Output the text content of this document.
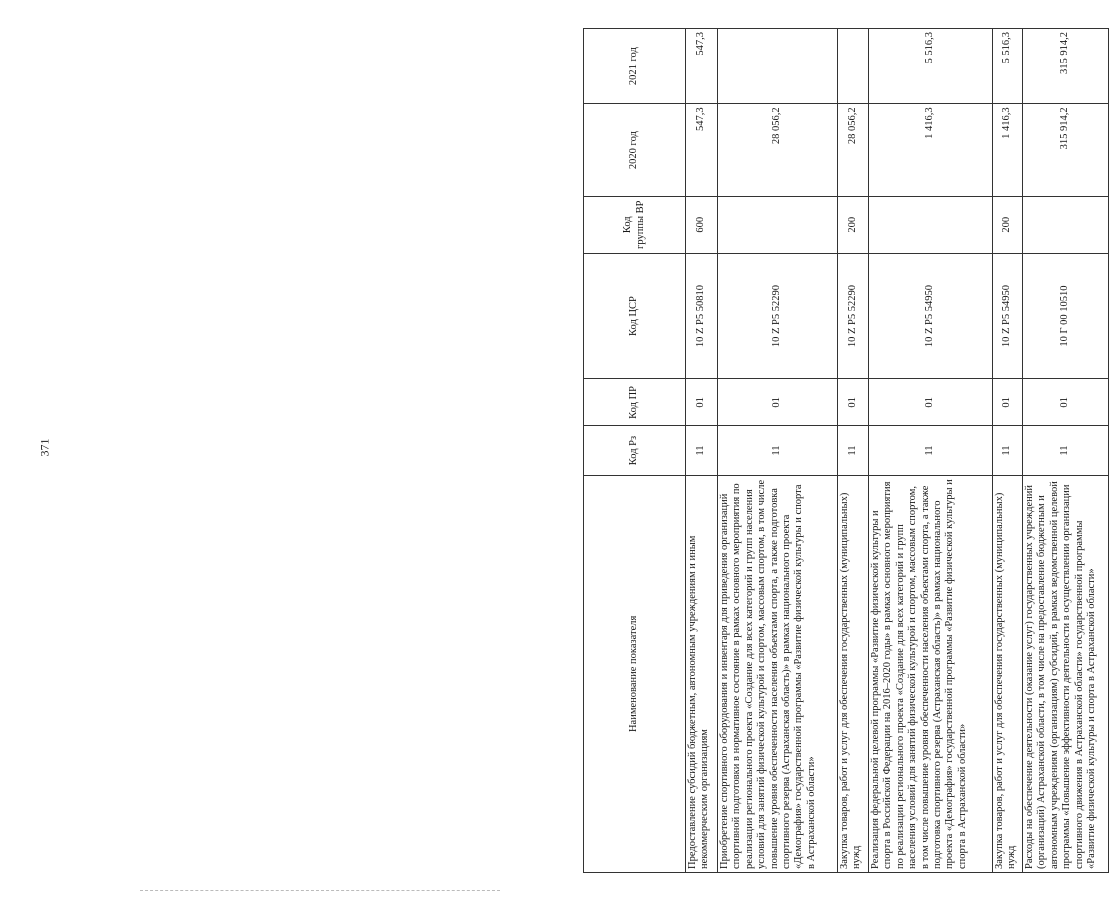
371
Наименование показателя	Код Рз	Код ПР	Код ЦСР	Код группы ВР	2020 год	2021 год
Предоставление субсидий бюджетным, автономным учреждениям и иным некоммерческим организациям	11	01	10 Z P5 50810	600	547,3	547,3
Приобретение спортивного оборудования и инвентаря для приведения организаций спортивной подготовки в нормативное состояние в рамках основного мероприятия по реализации регионального проекта «Создание для всех категорий и групп населения условий для занятий физической культурой и спортом, массовым спортом, в том числе повышение уровня обеспеченности населения объектами спорта, а также подготовка спортивного резерва (Астраханская область)» в рамках национального проекта «Демография» государственной программы «Развитие физической культуры и спорта в Астраханской области»	11	01	10 Z P5 52290		28 056,2	
Закупка товаров, работ и услуг для обеспечения государственных (муниципальных) нужд	11	01	10 Z P5 52290	200	28 056,2	
Реализация федеральной целевой программы «Развитие физической культуры и спорта в Российской Федерации на 2016–2020 годы» в рамках основного мероприятия по реализации регионального проекта «Создание для всех категорий и групп населения условий для занятий физической культурой и спортом, массовым спортом, в том числе повышение уровня обеспеченности населения объектами спорта, а также подготовка спортивного резерва (Астраханская область)» в рамках национального проекта «Демография» государственной программы «Развитие физической культуры и спорта в Астраханской области»	11	01	10 Z P5 54950		1 416,3	5 516,3
Закупка товаров, работ и услуг для обеспечения государственных (муниципальных) нужд	11	01	10 Z P5 54950	200	1 416,3	5 516,3
Расходы на обеспечение деятельности (оказание услуг) государственных учреждений (организаций) Астраханской области, в том числе на предоставление бюджетным и автономным учреждениям (организациям) субсидий, в рамках ведомственной целевой программы «Повышение эффективности деятельности в осуществлении организации спортивного движения в Астраханской области» государственной программы «Развитие физической культуры и спорта в Астраханской области»	11	01	10 Г 00 10510		315 914,2	315 914,2
